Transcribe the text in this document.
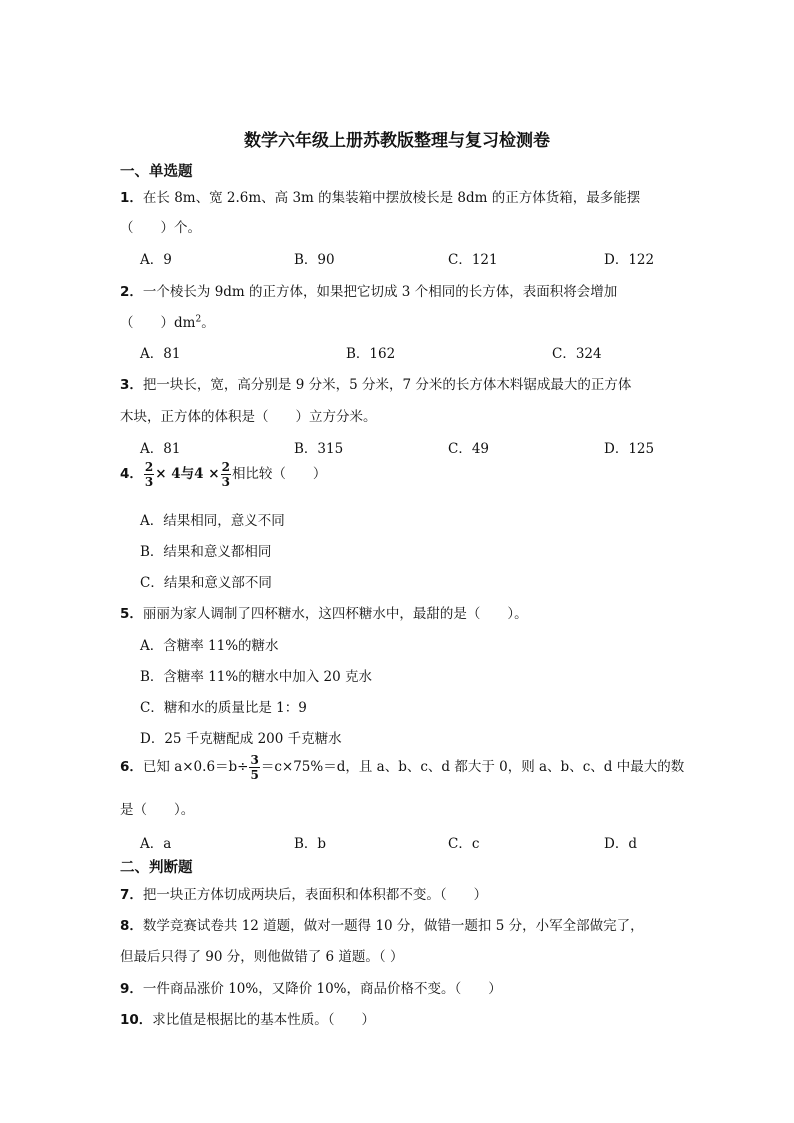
数学六年级上册苏教版整理与复习检测卷
一、单选题
1．在长 8m、宽 2.6m、高 3m 的集装箱中摆放棱长是 8dm 的正方体货箱，最多能摆
（　　）个。
A．9	B．90	C．121	D．122
2．一个棱长为 9dm 的正方体，如果把它切成 3 个相同的长方体，表面积将会增加
（　　）$dm^2$。
A．81	B．162	C．324
3．把一块长，宽，高分别是 9 分米，5 分米，7 分米的长方体木料锯成最大的正方体
木块，正方体的体积是（　　）立方分米。
A．81	B．315	C．49	D．125
4． $\frac{2}{3} \times 4$与$4 \times \frac{2}{3}$ 相比较（　　）
A．结果相同，意义不同
B．结果和意义都相同
C．结果和意义部不同
5．丽丽为家人调制了四杯糖水，这四杯糖水中，最甜的是（　　）。
A．含糖率 11%的糖水
B．含糖率 11%的糖水中加入 20 克水
C．糖和水的质量比是 1：9
D．25 千克糖配成 200 千克糖水
6．已知 $a\times 0.6=b\div \frac{3}{5} =c\times 75\%=d$，且 a、b、c、d 都大于 0，则 a、b、c、d 中最大的数
是（　　）。
A．a	B．b	C．c	D．d
二、判断题
7．把一块正方体切成两块后，表面积和体积都不变。（　　）
8．数学竞赛试卷共 12 道题，做对一题得 10 分，做错一题扣 5 分，小军全部做完了，
但最后只得了 90 分，则他做错了 6 道题。（ ）
9．一件商品涨价 10%，又降价 10%，商品价格不变。（　　）
10．求比值是根据比的基本性质。（　　）
